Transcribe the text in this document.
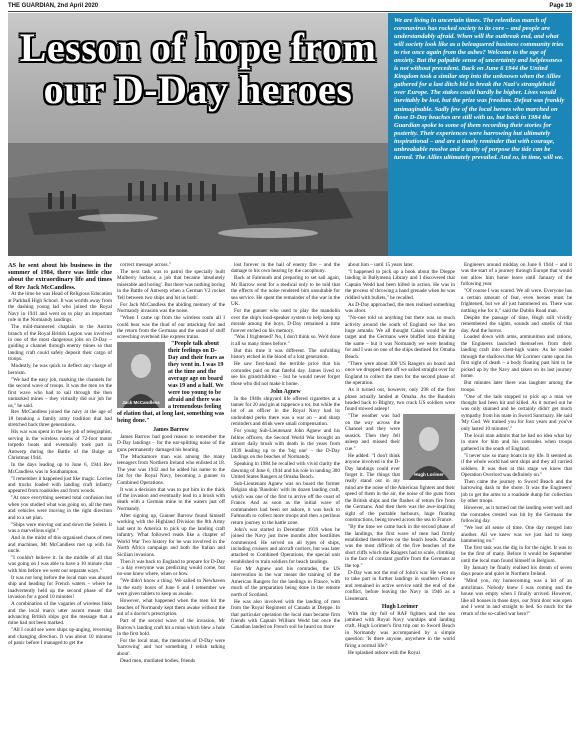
THE GUARDIAN, 2nd April 2020	Page 19
Lesson of hope from
our D-Day heroes
We are living in uncertain times. The relentless march of coronavirus has rocked society to its core – and people are understandably afraid. When will the outbreak end, and what will society look like as a beleaguered business community tries to rise once again from the ashes? Welcome to the age of anxiety. But the palpable sense of uncertainty and helplessness is not without precedent. Back on June 6 1944 the United Kingdom took a similar step into the unknown when the Allies gathered for a last ditch bid to break the Nazi's stranglehold over Europe. The stakes could hardly be higher. Lives would inevitably be lost, but the prize was freedom. Defeat was frankly unimaginable. Sadly few of the local heroes who marched on those D-Day beaches are still with us, but back in 1984 the Guardian spoke to some of them recording their stories for posterity. Their experiences were harrowing but ultimately inspirational – and are a timely reminder that with courage, unbreakable resolve and a unity of purpose the tide can be turned. The Allies ultimately prevailed. And so, in time, will we.

AS he sent about his business in the summer of 1984, there was little clue about the extraordinary life and times of Rev Jack McCandless.

At the time he was Head of Religious Education at Parkhall High School. It was worlds away from the dashing young lad who joined the Royal Navy in 1941 and went on to play an important role in the Normandy landings.

The mild-mannered chaplain to the Antrim branch of the Royal British Legion was involved in one of the most dangerous jobs on D-Day – guiding a channel through enemy mines so that landing craft could safely deposit their cargo of troops.

Modestly, he was quick to deflect any charge of heroism.

"We had the easy job, marking the channels for the second wave of troops. It was the men on the first wave who had to sail through the then unmarked mines – they virtually did our job for us," he said.

Rev McCandless joined the navy at the age of 18 breaking a family army tradition that had stretched back three generations.

His war was spent in the key job of telegraphist, serving in the wireless rooms of 72-foot motor torpedo boats and eventually took part in Antwerp during the Battle of the Bulge at Christmas 1944.

In the days leading up to June 6, 1944 Rev McCandless was in Southampton.

"I remember it happened just like magic. Lorries and trucks loaded with landing craft infantry appeared from roadsides and from woods.

"At once everything seemed total confusion but when you studied what was going on, all the men and vehicles were moving in the right direction and to a set plan.

"Ships were moving out and down the Solent. It was a marvellous sight."

And in the midst of this organised chaos of men and machines, Mr McCandless met up with his uncle.

"I couldn't believe it. In the middle of all that was going on I was able to have a 10 minute chat with him before we went our separate ways."

It was not long before the local man was aboard ship and heading for French waters – where he inadvertently held up the second phase of the invasion for a good 10 minutes!

A combination of the vagaries of wireless links and the local man's utter ascent meant that advancing British ships got the message that a mine had not been marked.

"All I could see were ships up-anging, reversing and changing direction. It was about 10 minutes of panic before I managed to get the

correct message across."

The next task was to patrol the specially built Mulberry harbour, a job that became 'absolutely miserable and boring'. But there was nothing boring in the Battle of Antwerp when a German V2 rocket 'fell between two ships and hit us both'.

For Jack McCandless the abiding memory of the Normandy invasion was the noise.

"When I came up from the wireless room all I could hear was the thud of our attacking fire and the return from the Germans and the sound of stuff screeching overhead like express trains.

Jack McCandless

"People talk about their feelings on D-Day and their fears as they went in. I was 19 at the time and the average age on board was 19 and a half. We were too young to be afraid and there was a tremendous feeling of elation that, at long last, something was being done."

James Barrow

James Barrow had good reason to remember the D-Day landings – for the ear-splitting noise of the guns permanently damaged his hearing.

The Muckamore man was among the many teenagers from Northern Ireland who enlisted at 18. The year was 1942 and he added his name to the list for the Royal Navy, becoming a gunner in Combined Operations.

It was a decision that was to put him in the thick of the invasion and eventually lead to a brush with death with a German mine in the waters just off Normandy.

After signing up, Gunner Barrow found himself working with the Highland Division the 8th Army had sent to America to pick up the landing craft infantry. What followed reads like a chapter of World War Two history for he was involved in the North Africa campaign and both the Italian and Sicilian invasions.

Then it was back to England to prepare for D-Day – a day everyone was predicting would come, but no-one knew where, when or how.

"We didn't know a thing. We sailed to Newhaven in the early hours of June 6 and I remember we were given tablets to keep us awake.

However, what happened when the men hit the beaches of Normandy kept them awake without the aid of a doctor's prescription.

Part of the second wave of the invasion, Mr Barrow's landing craft hit a mine which blew a hole in the first hold.

For the local man, the memories of D-Day were 'harrowing' and 'not something I relish talking about'.

Dead men, mutilated bodies, friends

lost forever in the hail of enemy fire – and the damage to his own hearing by the cacophony.

Back at Falmouth and preparing to set sail again, Mr Barrow went for a medical only to be told that the effects of the noise rendered him unsuitable for sea service. He spent the remainder of the war in the UK.

For the gunner who used to play the mandolin over the ship's loud-speaker system to help keep up morale among the boys, D-Day remained a time forever etched on his memory.

"Was I frightened? No, I don't think so. We'd done it all so many times before."

But this time it was different. The unfolding history etched in the blood of a lost generation.

He saw first-hand the terrible price that his comrades paid on that fateful day. James lived to see his grandchildren – but he would never forget those who did not make it home.

John Agnew

In the 1940s shipyard life offered cigarettes at a tanner for 20 and gin at tuppence a tot, but while the lot of an officer in the Royal Navy had its undoubted perks there was a war on – and sharp reminders and drink were small compensation.

For young Sub-Lieutenant John Agnew and his fellow officers, the Second World War brought an almost daily brush with death in the years from 1939 leading up to the 'big one' – the D-Day landings on the beaches of Normandy.

Speaking in 1984 he recalled with vivid clarity the dawning of June 6, 1944 and his role in landing 300 United States Rangers at Omaha Beach.

Sub-Lieutenant Agnew was on board the former Belgian ship 'Baudoin' with its dozen landing craft, which was one of the first to arrive off the coast of France. And as soon as the initial wave of commanders had been set ashore, it was back to Falmouth to collect more troops and then a perilous return journey to the battle zone.

John's war started in December 1939 when he joined the Navy just three months after hostilities commenced. He served on all types of ships, including cruisers and aircraft carriers, but was later attached to Combined Operations, the special unit established to train soldiers for beach landings.

For Mr Agnew and his comrades, the US intervention in the war meant the training of the American Rangers for the landings in France, with much of the preparation being done in the remote north of Scotland.

He was also involved with the landing of men from the Royal Regiment of Canada at Dieppe. In that particular operation the local man became firm friends with Captain William Wedd but once the Canadian landed on French soil he heard no more

about him – until 15 years later.

"I happened to pick up a book about the Dieppe landing in Ballymena Library and I discovered that Captain Wedd had been killed in action. He was in the process of throwing a hand grenade when he was riddled with bullets," he recalled.

As D-Day approached, the men realised something was afoot.

"No-one told us anything but there was so much activity around the south of England we like ten huge armada. We all thought Calais would be the target and the Germans were bluffed into thinking the same – but it was Normandy we were heading for and I was on one of the ships destined for Omaha Beach.

"There were about 300 US Rangers on board and once we dropped them off we sailed straight over for England to collect the men for the second phase of the operation.

As it turned out, however, only 298 of the first phase actually landed at Omaha. As the Baudoin headed back to Blighty, two crack US soldiers were found stowed asleep!

Hugh Lorimer

"The weather was bad on the way across the Channel and they were seasick. Then they fell asleep and missed their cue."

He added: "I don't think anyone involved in the D-Day landings could ever forget it. The things that really stand out in my mind are the noise of the American fighters and their speed of them in the air, the noise of the guns from the British ships and the flashes of return fire from the Germans. And then there was the awe-inspiring sight of the portable harbours, huge floating constructions, being towed across the sea to France.

"By the time we came back in the second phase of the landings, the first wave of men had firmly established themselves on the beach heads. Omaha was the most difficult of the five beaches of the short cliffs which the Rangers had to scale, climbing in the face of constant gunfire from the Germans at the top."

D-Day was not the end of John's war. He went on to take part in further landings in southern France and remained in active service until the end of the conflict, before leaving the Navy in 1946 as a Lieutenant.

Hugh Lorimer

With the dry full of RAF fighters and the sea jammed with Royal Navy warships and landing craft, Hugh Lorimer's first trip out to Sword Beach in Normandy was accompanied by a simple question: 'Is there anyone, anywhere in the world firing a normal life?'

He splashed ashore with the Royal

Engineers around midday on June 6 1944 – and it was the start of a journey through Europe that would not allow him home leave until January of the following year.

"Of course I was scared. We all were. Everyone has a certain amount of fear, even heroes must be frightened, but we all just hammered on. There was nothing else for it," said the Dublin Road man.

Despite the passage of time, Hugh still vividly remembered the sights, sounds and smells of that day. And the horror.

Loaded down with arms, ammunition and rations, the Engineers launched themselves from their landing craft into chest-high water. As he waded through the shallows that Mr Lorimer came upon his first sight of death – a body floating past him to be picked up by the Navy and taken on its last journey home.

But minutes later there was laughter among the troops.

"One of the lads stopped to pick up a man we thought had been hit and killed. As it turned out he was only stunned and he certainly didn't get much sympathy from his mate in Sword Sanctuary. He said 'My God. We trained you for four years and you've only lasted 10 minutes'."

The local man admits that he had no idea what lay in store for him and his comrades when troops gathered in the south of England.

"I never saw so many boats in my life. It seemed as if the whole world had sent ships and they all carried soldiers. It was then at this stage we knew that Operation Overlord was definitely on."

Then came the journey to Sword Beach and the harrowing dash to the shore. It was the Engineers' job to get the arms to a roadside dump for collection by other troops.

However, as it turned out the landing went well and the comrades crested was hit by the Germans the following day.

"We lost all sense of time. One day merged into another. All we knew was we just had to keep hammering on."

The first task was the dig in for the night. It was to be the first of many. Before it would be September until the local man found himself in Belgium.

By January he finally realised his dream of seven days peace and quiet in Northern Ireland.

"Mind you, my homecoming was a bit of an anticlimax. Nobody knew I was coming and the house was empty when I finally arrived. However, like all houses in those days, our front door was open and I went in and straight to bed. So much for the return of the so-called war hero!"
